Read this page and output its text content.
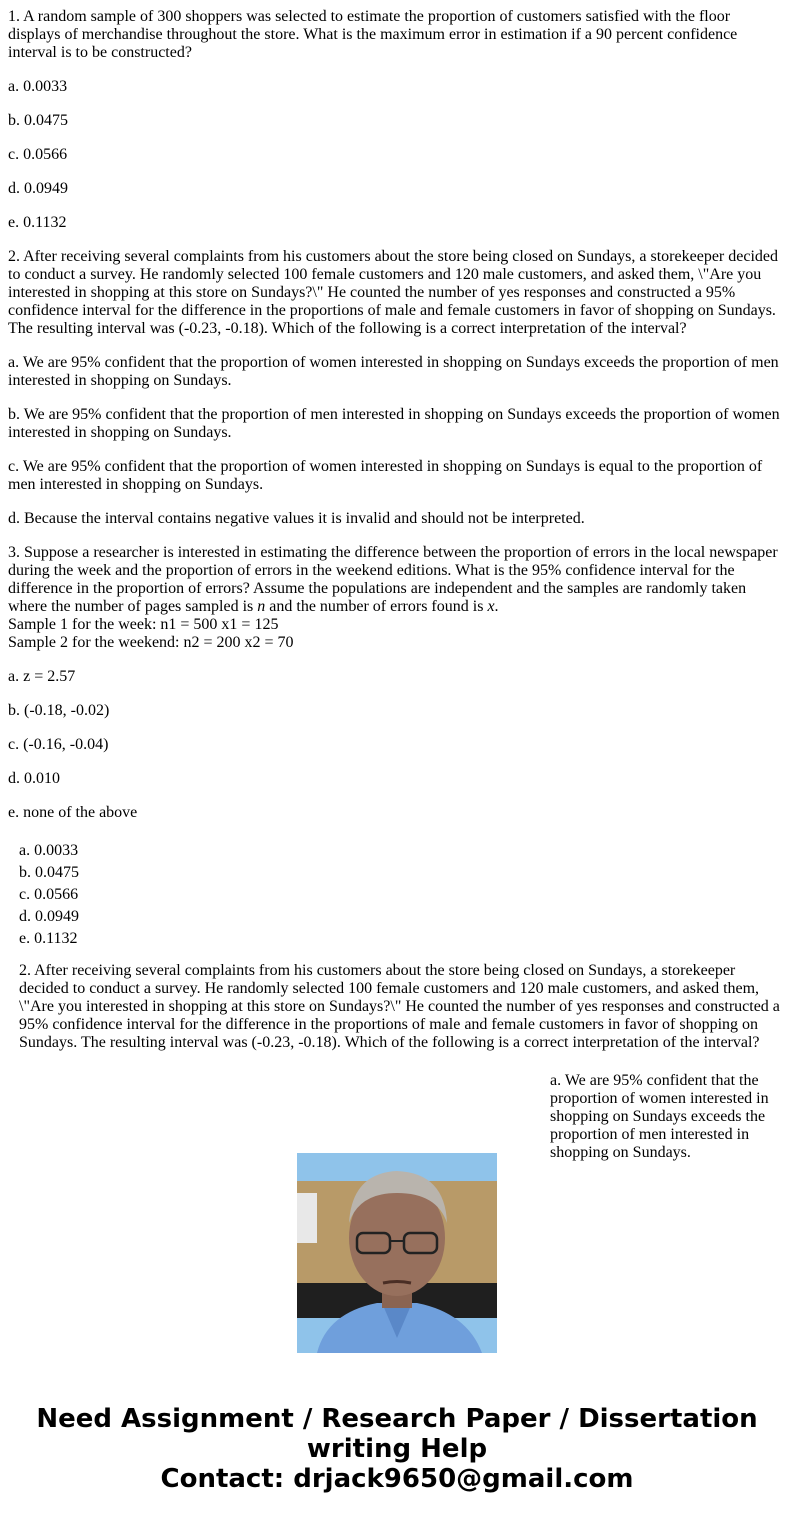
1. A random sample of 300 shoppers was selected to estimate the proportion of customers satisfied with the floor displays of merchandise throughout the store. What is the maximum error in estimation if a 90 percent confidence interval is to be constructed?

a. 0.0033

b. 0.0475

c. 0.0566

d. 0.0949

e. 0.1132

2. After receiving several complaints from his customers about the store being closed on Sundays, a storekeeper decided to conduct a survey. He randomly selected 100 female customers and 120 male customers, and asked them, \"Are you interested in shopping at this store on Sundays?\" He counted the number of yes responses and constructed a 95% confidence interval for the difference in the proportions of male and female customers in favor of shopping on Sundays. The resulting interval was (-0.23, -0.18). Which of the following is a correct interpretation of the interval?

a. We are 95% confident that the proportion of women interested in shopping on Sundays exceeds the proportion of men interested in shopping on Sundays.

b. We are 95% confident that the proportion of men interested in shopping on Sundays exceeds the proportion of women interested in shopping on Sundays.

c. We are 95% confident that the proportion of women interested in shopping on Sundays is equal to the proportion of men interested in shopping on Sundays.

d. Because the interval contains negative values it is invalid and should not be interpreted.

3. Suppose a researcher is interested in estimating the difference between the proportion of errors in the local newspaper during the week and the proportion of errors in the weekend editions. What is the 95% confidence interval for the difference in the proportion of errors? Assume the populations are independent and the samples are randomly taken where the number of pages sampled is n and the number of errors found is x.
Sample 1 for the week: n1 = 500 x1 = 125
Sample 2 for the weekend: n2 = 200 x2 = 70

a. z = 2.57

b. (-0.18, -0.02)

c. (-0.16, -0.04)

d. 0.010

e. none of the above

a. 0.0033
b. 0.0475
c. 0.0566
d. 0.0949
e. 0.1132
2. After receiving several complaints from his customers about the store being closed on Sundays, a storekeeper decided to conduct a survey. He randomly selected 100 female customers and 120 male customers, and asked them, \"Are you interested in shopping at this store on Sundays?\" He counted the number of yes responses and constructed a 95% confidence interval for the difference in the proportions of male and female customers in favor of shopping on Sundays. The resulting interval was (-0.23, -0.18). Which of the following is a correct interpretation of the interval?
a. We are 95% confident that the proportion of women interested in shopping on Sundays exceeds the proportion of men interested in shopping on Sundays.
Need Assignment / Research Paper / Dissertation writing Help
Contact: drjack9650@gmail.com
